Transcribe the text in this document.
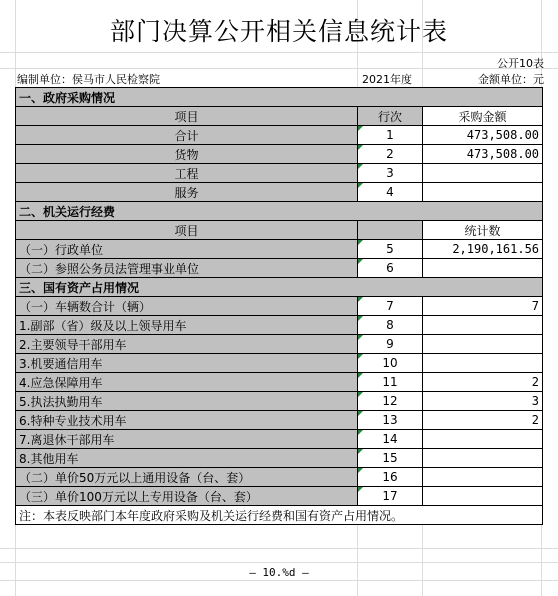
部门决算公开相关信息统计表
公开10表
编制单位：侯马市人民检察院	2021年度	金额单位：元
一、政府采购情况		
项目	行次	采购金额
合计	1	473,508.00
货物	2	473,508.00
工程	3	
服务	4	
二、机关运行经费		
项目		统计数
（一）行政单位	5	2,190,161.56
（二）参照公务员法管理事业单位	6	
三、国有资产占用情况		
（一）车辆数合计（辆）	7	7
1.副部（省）级及以上领导用车	8	
2.主要领导干部用车	9	
3.机要通信用车	10	
4.应急保障用车	11	2
5.执法执勤用车	12	3
6.特种专业技术用车	13	2
7.离退休干部用车	14	
8.其他用车	15	
（二）单价50万元以上通用设备（台、套）	16	
（三）单价100万元以上专用设备（台、套）	17	
注：本表反映部门本年度政府采购及机关运行经费和国有资产占用情况。		
— 10.%d —
